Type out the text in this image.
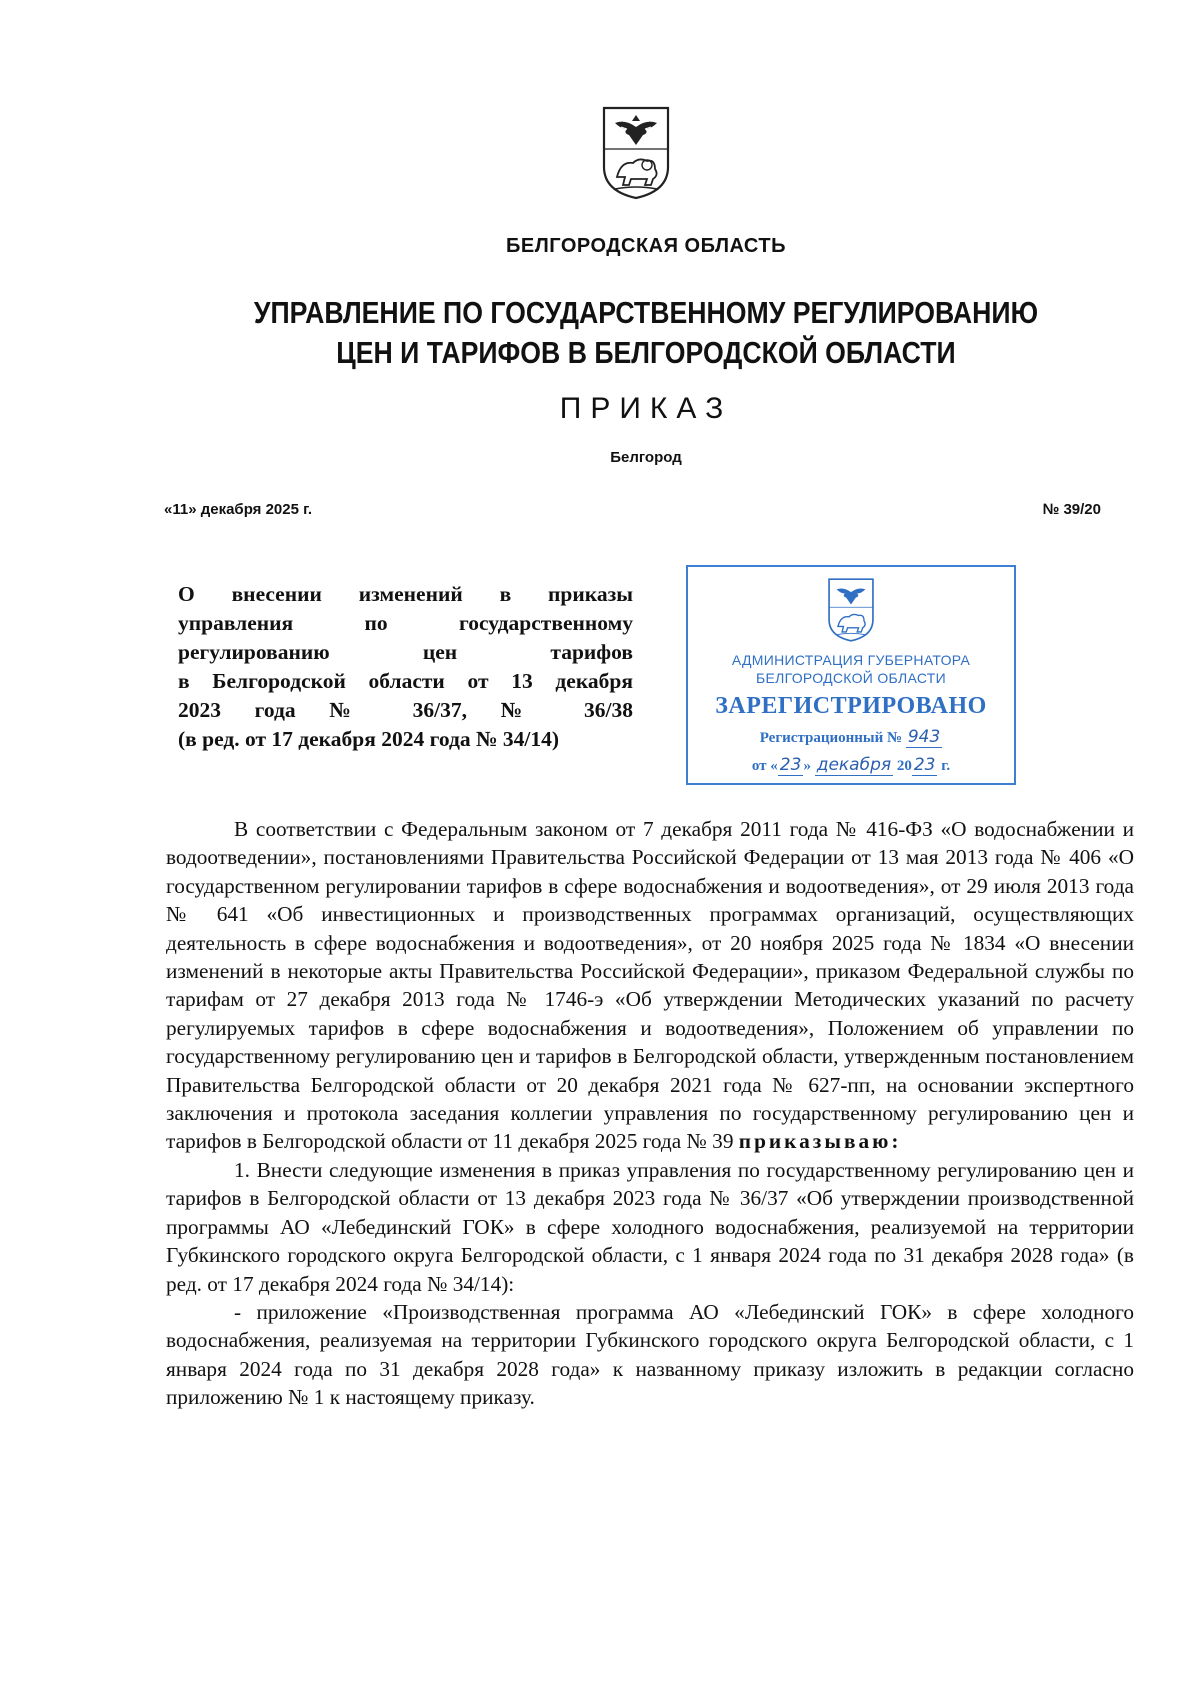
БЕЛГОРОДСКАЯ ОБЛАСТЬ
УПРАВЛЕНИЕ ПО ГОСУДАРСТВЕННОМУ РЕГУЛИРОВАНИЮ
ЦЕН И ТАРИФОВ В БЕЛГОРОДСКОЙ ОБЛАСТИ
ПРИКАЗ
Белгород
«11» декабря 2025 г.	№ 39/20
О внесении изменений в приказы
управления по государственному
регулированию цен тарифов
в Белгородской области от 13 декабря
2023 года № 36/37, № 36/38
(в ред. от 17 декабря 2024 года № 34/14)
АДМИНИСТРАЦИЯ ГУБЕРНАТОРА
БЕЛГОРОДСКОЙ ОБЛАСТИ
ЗАРЕГИСТРИРОВАНО
Регистрационный № 943
от « 23 » декабря 20 23 г.

В соответствии с Федеральным законом от 7 декабря 2011 года № 416-ФЗ «О водоснабжении и водоотведении», постановлениями Правительства Российской Федерации от 13 мая 2013 года № 406 «О государственном регулировании тарифов в сфере водоснабжения и водоотведения», от 29 июля 2013 года № 641 «Об инвестиционных и производственных программах организаций, осуществляющих деятельность в сфере водоснабжения и водоотведения», от 20 ноября 2025 года № 1834 «О внесении изменений в некоторые акты Правительства Российской Федерации», приказом Федеральной службы по тарифам от 27 декабря 2013 года № 1746-э «Об утверждении Методических указаний по расчету регулируемых тарифов в сфере водоснабжения и водоотведения», Положением об управлении по государственному регулированию цен и тарифов в Белгородской области, утвержденным постановлением Правительства Белгородской области от 20 декабря 2021 года № 627-пп, на основании экспертного заключения и протокола заседания коллегии управления по государственному регулированию цен и тарифов в Белгородской области от 11 декабря 2025 года № 39 приказываю:

1. Внести следующие изменения в приказ управления по государственному регулированию цен и тарифов в Белгородской области от 13 декабря 2023 года № 36/37 «Об утверждении производственной программы АО «Лебединский ГОК» в сфере холодного водоснабжения, реализуемой на территории Губкинского городского округа Белгородской области, с 1 января 2024 года по 31 декабря 2028 года» (в ред. от 17 декабря 2024 года № 34/14):

- приложение «Производственная программа АО «Лебединский ГОК» в сфере холодного водоснабжения, реализуемая на территории Губкинского городского округа Белгородской области, с 1 января 2024 года по 31 декабря 2028 года» к названному приказу изложить в редакции согласно приложению № 1 к настоящему приказу.
